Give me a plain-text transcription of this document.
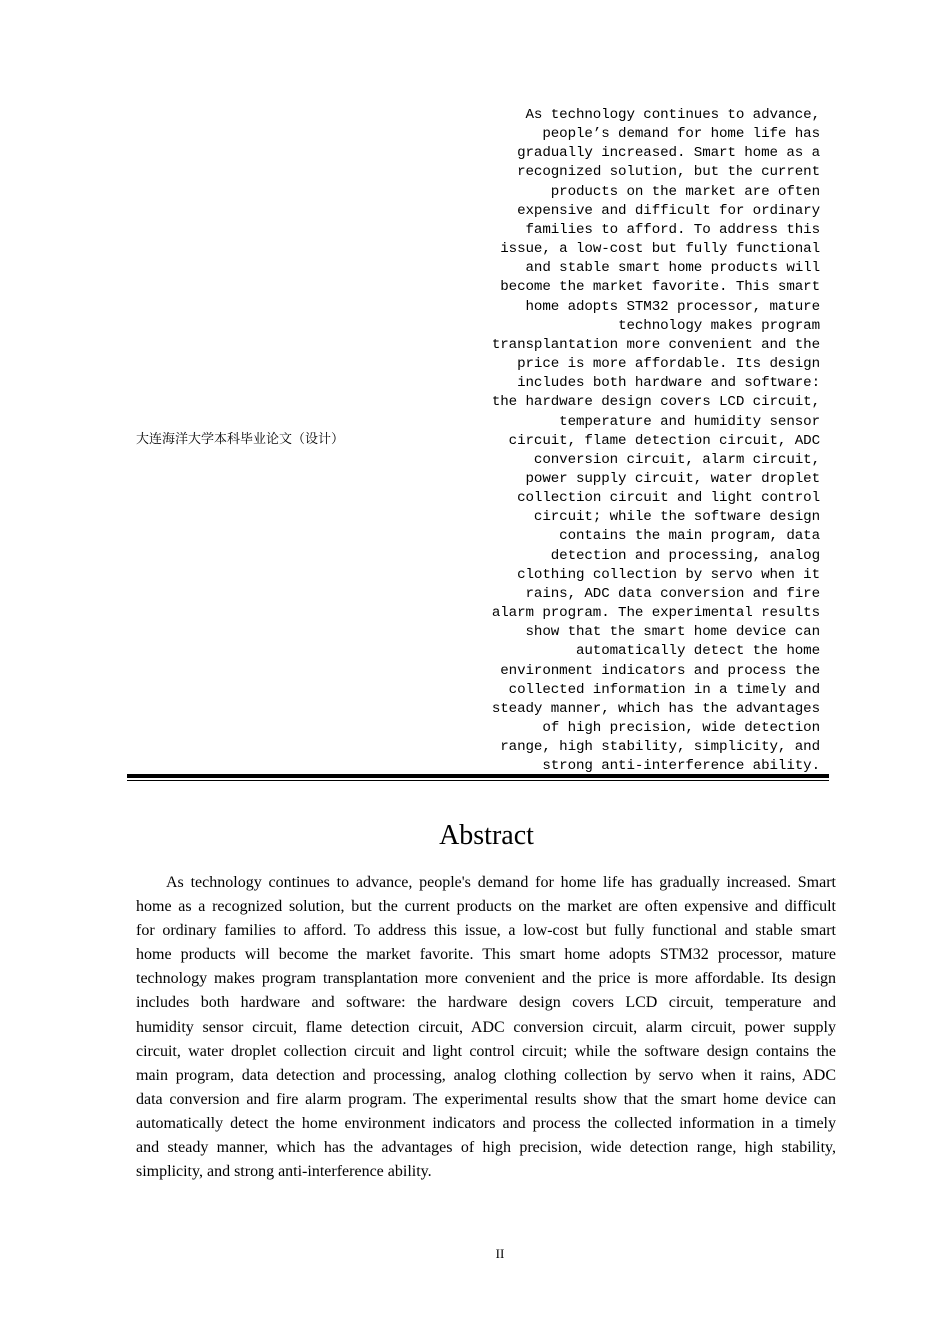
大连海洋大学本科毕业论文（设计）
As technology continues to advance,
people’s demand for home life has
gradually increased. Smart home as a
recognized solution, but the current
products on the market are often
expensive and difficult for ordinary
families to afford. To address this
issue, a low-cost but fully functional
and stable smart home products will
become the market favorite. This smart
home adopts STM32 processor, mature
technology makes program
transplantation more convenient and the
price is more affordable. Its design
includes both hardware and software:
the hardware design covers LCD circuit,
temperature and humidity sensor
circuit, flame detection circuit, ADC
conversion circuit, alarm circuit,
power supply circuit, water droplet
collection circuit and light control
circuit; while the software design
contains the main program, data
detection and processing, analog
clothing collection by servo when it
rains, ADC data conversion and fire
alarm program. The experimental results
show that the smart home device can
automatically detect the home
environment indicators and process the
collected information in a timely and
steady manner, which has the advantages
of high precision, wide detection
range, high stability, simplicity, and
strong anti-interference ability.
Abstract
As technology continues to advance, people's demand for home life has gradually increased. Smart
home as a recognized solution, but the current products on the market are often expensive and difficult
for ordinary families to afford. To address this issue, a low-cost but fully functional and stable smart
home products will become the market favorite. This smart home adopts STM32 processor, mature
technology makes program transplantation more convenient and the price is more affordable. Its design
includes both hardware and software: the hardware design covers LCD circuit, temperature and
humidity sensor circuit, flame detection circuit, ADC conversion circuit, alarm circuit, power supply
circuit, water droplet collection circuit and light control circuit; while the software design contains the
main program, data detection and processing, analog clothing collection by servo when it rains, ADC
data conversion and fire alarm program. The experimental results show that the smart home device can
automatically detect the home environment indicators and process the collected information in a timely
and steady manner, which has the advantages of high precision, wide detection range, high stability,
simplicity, and strong anti-interference ability.
II
